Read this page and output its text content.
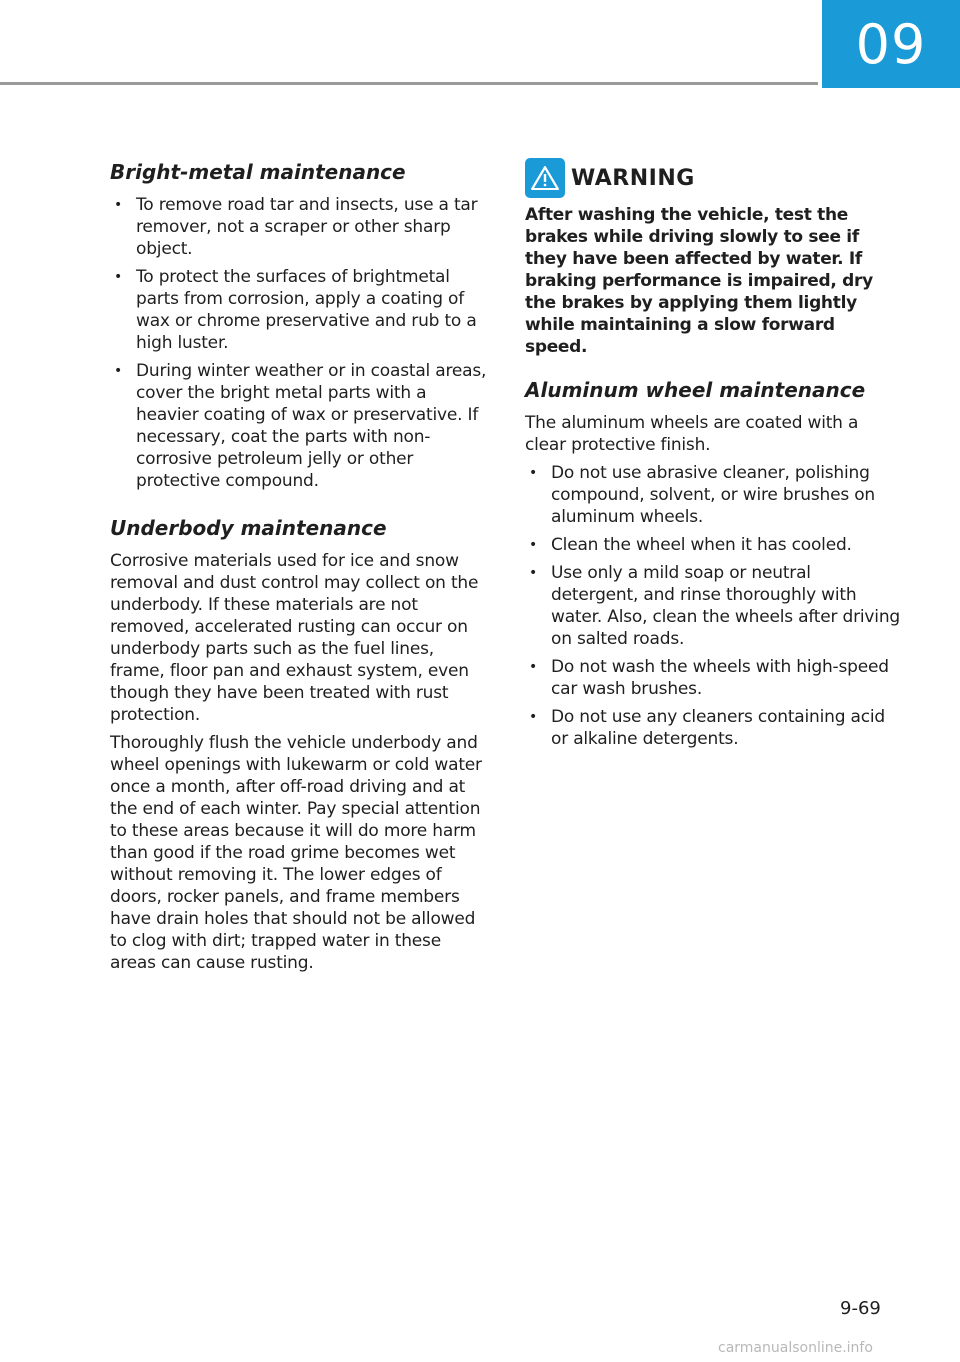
09
Bright-metal maintenance
• To remove road tar and insects, use a tar remover, not a scraper or other sharp object.
• To protect the surfaces of brightmetal parts from corrosion, apply a coating of wax or chrome preservative and rub to a high luster.
• During winter weather or in coastal areas, cover the bright metal parts with a heavier coating of wax or preservative. If necessary, coat the parts with non-corrosive petroleum jelly or other protective compound.
Underbody maintenance

Corrosive materials used for ice and snow removal and dust control may collect on the underbody. If these materials are not removed, accelerated rusting can occur on underbody parts such as the fuel lines, frame, floor pan and exhaust system, even though they have been treated with rust protection.

Thoroughly flush the vehicle underbody and wheel openings with lukewarm or cold water once a month, after off-road driving and at the end of each winter. Pay special attention to these areas because it will do more harm than good if the road grime becomes wet without removing it. The lower edges of doors, rocker panels, and frame members have drain holes that should not be allowed to clog with dirt; trapped water in these areas can cause rusting.

WARNING

After washing the vehicle, test the brakes while driving slowly to see if they have been affected by water. If braking performance is impaired, dry the brakes by applying them lightly while maintaining a slow forward speed.

Aluminum wheel maintenance

The aluminum wheels are coated with a clear protective finish.

• Do not use abrasive cleaner, polishing compound, solvent, or wire brushes on aluminum wheels.
• Clean the wheel when it has cooled.
• Use only a mild soap or neutral detergent, and rinse thoroughly with water. Also, clean the wheels after driving on salted roads.
• Do not wash the wheels with high-speed car wash brushes.
• Do not use any cleaners containing acid or alkaline detergents.
9-69
carmanualsonline.info
